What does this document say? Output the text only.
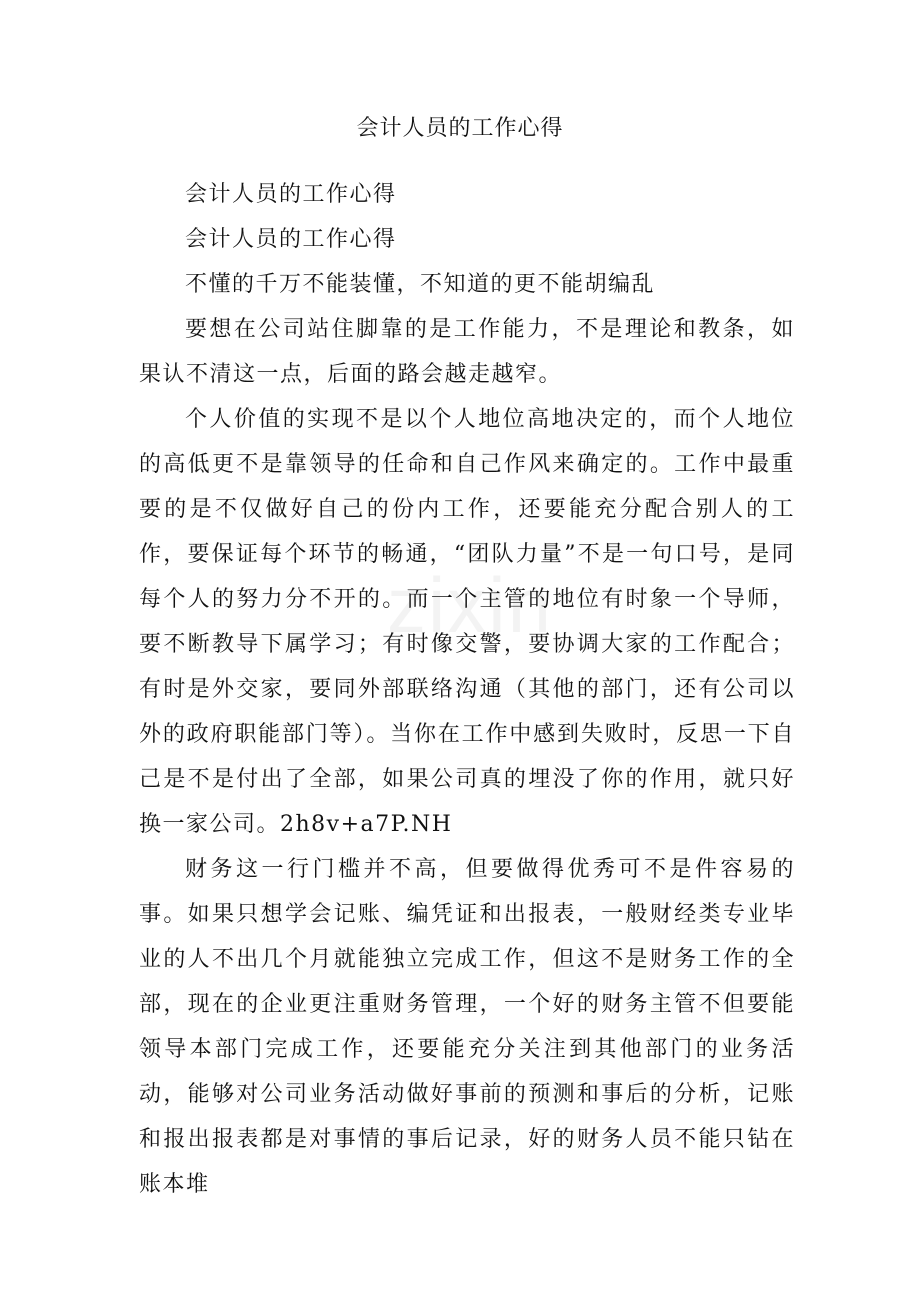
zixin
会计人员的工作心得

会计人员的工作心得

会计人员的工作心得

不懂的千万不能装懂，不知道的更不能胡编乱

要想在公司站住脚靠的是工作能力，不是理论和教条，如果认不清这一点，后面的路会越走越窄。

个人价值的实现不是以个人地位高地决定的，而个人地位的高低更不是靠领导的任命和自己作风来确定的。工作中最重要的是不仅做好自己的份内工作，还要能充分配合别人的工作，要保证每个环节的畅通，“团队力量”不是一句口号，是同每个人的努力分不开的。而一个主管的地位有时象一个导师，要不断教导下属学习；有时像交警，要协调大家的工作配合；有时是外交家，要同外部联络沟通（其他的部门，还有公司以外的政府职能部门等）。当你在工作中感到失败时，反思一下自己是不是付出了全部，如果公司真的埋没了你的作用，就只好换一家公司。2h8v+a7P.NH

财务这一行门槛并不高，但要做得优秀可不是件容易的事。如果只想学会记账、编凭证和出报表，一般财经类专业毕业的人不出几个月就能独立完成工作，但这不是财务工作的全部，现在的企业更注重财务管理，一个好的财务主管不但要能领导本部门完成工作，还要能充分关注到其他部门的业务活动，能够对公司业务活动做好事前的预测和事后的分析，记账和报出报表都是对事情的事后记录，好的财务人员不能只钻在账本堆
